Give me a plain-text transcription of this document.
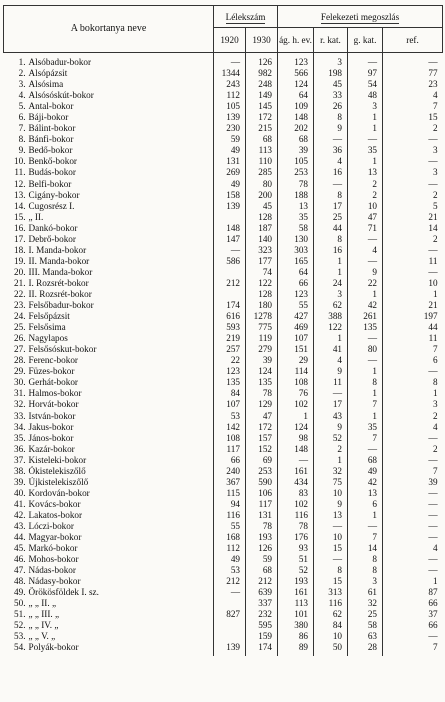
A bokortanya neve	Lélekszám		Felekezeti megoszlás			
	1920	1930	ág. h. ev.	r. kat.	g. kat.	ref.
1. Alsóbadur-bokor	—	126	123	3	—	—
2. Alsópázsit	1344	982	566	198	97	77
3. Alsósima	243	248	124	45	54	23
4. Alsósóskút-bokor	112	149	64	33	48	4
5. Antal-bokor	105	145	109	26	3	7
6. Báji-bokor	139	172	148	8	1	15
7. Bálint-bokor	230	215	202	9	1	2
8. Bánfi-bokor	59	68	68	—	—	—
9. Bedő-bokor	49	113	39	36	35	3
10. Benkő-bokor	131	110	105	4	1	—
11. Budás-bokor	269	285	253	16	13	3
12. Belfi-bokor	49	80	78	—	2	—
13. Cigány-bokor	158	200	188	8	2	2
14. Cugosrész I.	139	45	13	17	10	5
15. „ II.		128	35	25	47	21
16. Dankó-bokor	148	187	58	44	71	14
17. Debrő-bokor	147	140	130	8	—	2
18. I. Manda-bokor	—	323	303	16	4	—
19. II. Manda-bokor	586	177	165	1	—	11
20. III. Manda-bokor		74	64	1	9	—
21. I. Rozsrét-bokor	212	122	66	24	22	10
22. II. Rozsrét-bokor		128	123	3	1	1
23. Felsőbadur-bokor	174	180	55	62	42	21
24. Felsőpázsit	616	1278	427	388	261	197
25. Felsősima	593	775	469	122	135	44
26. Nagylapos	219	119	107	1	—	11
27. Felsősóskut-bokor	257	279	151	41	80	7
28. Ferenc-bokor	22	39	29	4	—	6
29. Füzes-bokor	123	124	114	9	1	—
30. Gerhát-bokor	135	135	108	11	8	8
31. Halmos-bokor	84	78	76	—	1	1
32. Horvát-bokor	107	129	102	17	7	3
33. István-bokor	53	47	1	43	1	2
34. Jakus-bokor	142	172	124	9	35	4
35. János-bokor	108	157	98	52	7	—
36. Kazár-bokor	117	152	148	2	—	2
37. Kisteleki-bokor	66	69	—	1	68	—
38. Ókistelekiszőlő	240	253	161	32	49	7
39. Újkistelekiszőlő	367	590	434	75	42	39
40. Kordován-bokor	115	106	83	10	13	—
41. Kovács-bokor	94	117	102	9	6	—
42. Lakatos-bokor	116	131	116	13	1	—
43. Lóczi-bokor	55	78	78	—	—	—
44. Magyar-bokor	168	193	176	10	7	—
45. Markó-bokor	112	126	93	15	14	4
46. Mohos-bokor	49	59	51	—	8	—
47. Nádas-bokor	53	68	52	8	8	—
48. Nádasy-bokor	212	212	193	15	3	1
49. Örökösföldek I. sz.	—	639	161	313	61	87
50. „ „ II. „		337	113	116	32	66
51. „ „ III. „	827	232	101	62	25	37
52. „ „ IV. „		595	380	84	58	66
53. „ „ V. „		159	86	10	63	—
54. Polyák-bokor	139	174	89	50	28	7
